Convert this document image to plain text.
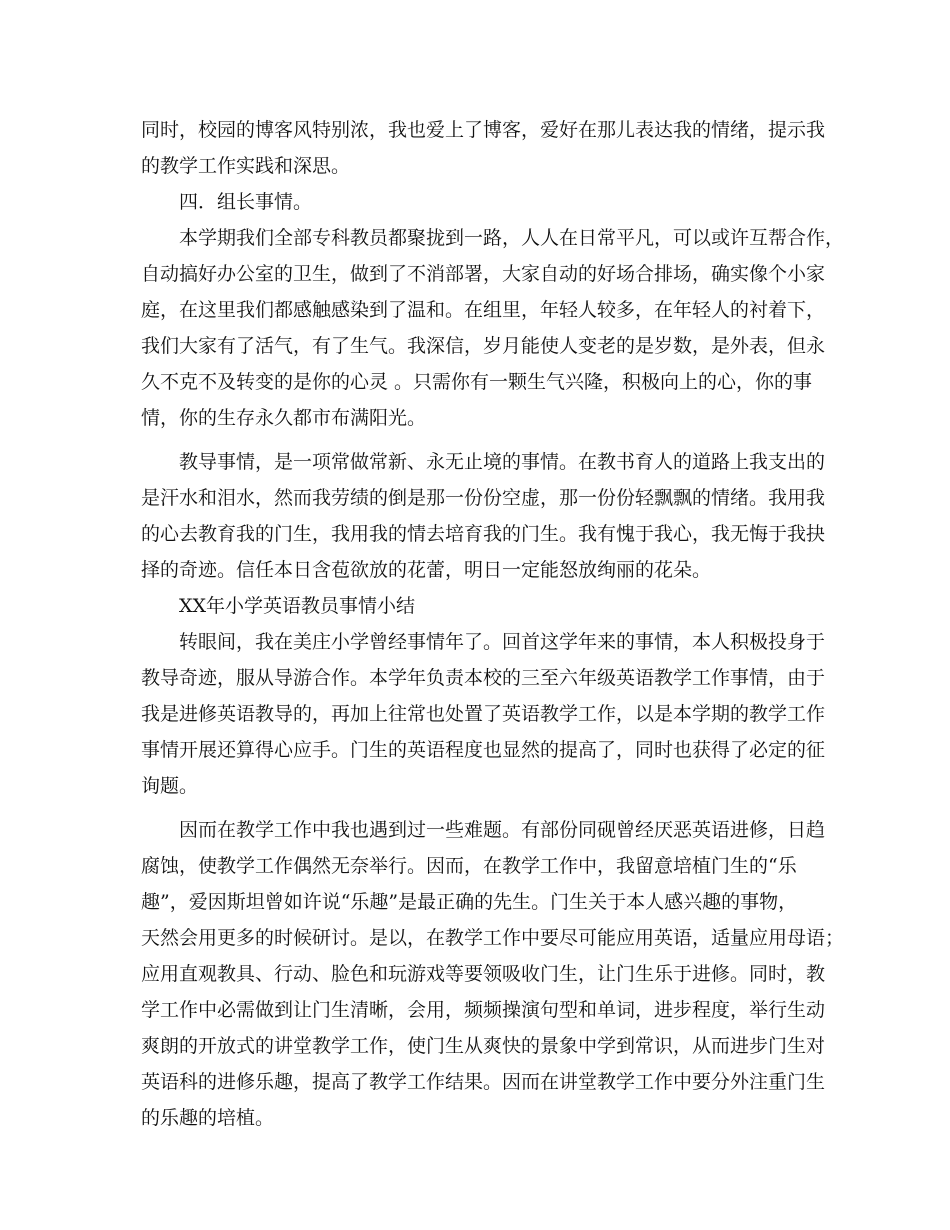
同时，校园的博客风特别浓，我也爱上了博客，爱好在那儿表达我的情绪，提示我
的教学工作实践和深思。
四．组长事情。
本学期我们全部专科教员都聚拢到一路，人人在日常平凡，可以或许互帮合作，
自动搞好办公室的卫生，做到了不消部署，大家自动的好场合排场，确实像个小家
庭，在这里我们都感触感染到了温和。在组里，年轻人较多，在年轻人的衬着下，
我们大家有了活气，有了生气。我深信，岁月能使人变老的是岁数，是外表，但永
久不克不及转变的是你的心灵 。只需你有一颗生气兴隆，积极向上的心，你的事
情，你的生存永久都市布满阳光。
教导事情，是一项常做常新、永无止境的事情。在教书育人的道路上我支出的
是汗水和泪水，然而我劳绩的倒是那一份份空虚，那一份份轻飘飘的情绪。我用我
的心去教育我的门生，我用我的情去培育我的门生。我有愧于我心，我无悔于我抉
择的奇迹。信任本日含苞欲放的花蕾，明日一定能怒放绚丽的花朵。
XX年小学英语教员事情小结
转眼间，我在美庄小学曾经事情年了。回首这学年来的事情，本人积极投身于
教导奇迹，服从导游合作。本学年负责本校的三至六年级英语教学工作事情，由于
我是进修英语教导的，再加上往常也处置了英语教学工作，以是本学期的教学工作
事情开展还算得心应手。门生的英语程度也显然的提高了，同时也获得了必定的征
询题。
因而在教学工作中我也遇到过一些难题。有部份同砚曾经厌恶英语进修，日趋
腐蚀，使教学工作偶然无奈举行。因而，在教学工作中，我留意培植门生的“乐
趣”，爱因斯坦曾如许说“乐趣”是最正确的先生。门生关于本人感兴趣的事物，
天然会用更多的时候研讨。是以，在教学工作中要尽可能应用英语，适量应用母语；
应用直观教具、行动、脸色和玩游戏等要领吸收门生，让门生乐于进修。同时，教
学工作中必需做到让门生清晰，会用，频频操演句型和单词，进步程度，举行生动
爽朗的开放式的讲堂教学工作，使门生从爽快的景象中学到常识，从而进步门生对
英语科的进修乐趣，提高了教学工作结果。因而在讲堂教学工作中要分外注重门生
的乐趣的培植。
